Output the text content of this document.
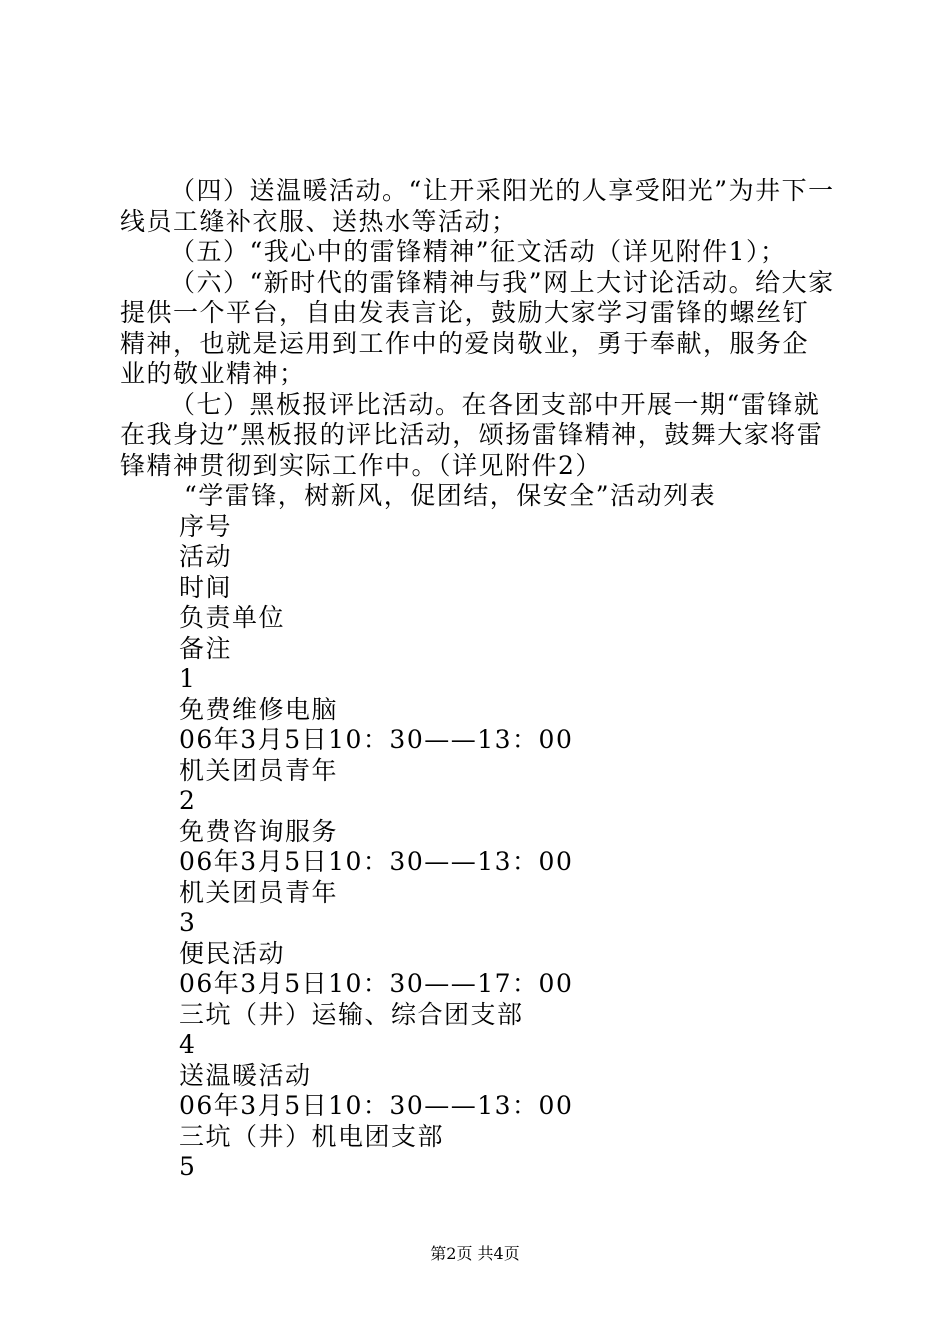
（四）送温暖活动。“让开采阳光的人享受阳光”为井下一线员工缝补衣服、送热水等活动；

（五）“我心中的雷锋精神”征文活动（详见附件1）；

（六）“新时代的雷锋精神与我”网上大讨论活动。给大家提供一个平台，自由发表言论，鼓励大家学习雷锋的螺丝钉精神，也就是运用到工作中的爱岗敬业，勇于奉献，服务企业的敬业精神；

（七）黑板报评比活动。在各团支部中开展一期“雷锋就在我身边”黑板报的评比活动，颂扬雷锋精神，鼓舞大家将雷锋精神贯彻到实际工作中。（详见附件2）

“学雷锋，树新风，促团结，保安全”活动列表
序号
活动
时间
负责单位
备注
1
免费维修电脑
06年3月5日10：30——13：00
机关团员青年
2
免费咨询服务
06年3月5日10：30——13：00
机关团员青年
3
便民活动
06年3月5日10：30——17：00
三坑（井）运输、综合团支部
4
送温暖活动
06年3月5日10：30——13：00
三坑（井）机电团支部
5
第2页 共4页
